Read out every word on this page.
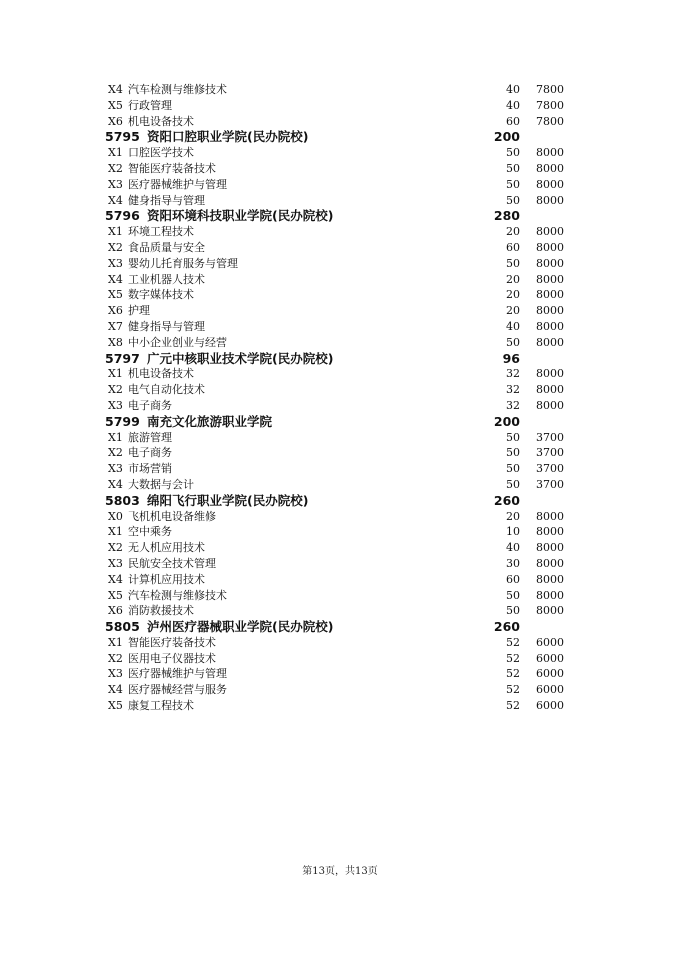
X4 汽车检测与维修技术	40 7800
X5 行政管理	40 7800
X6 机电设备技术	60 7800
5795 资阳口腔职业学院(民办院校)	200
X1 口腔医学技术	50 8000
X2 智能医疗装备技术	50 8000
X3 医疗器械维护与管理	50 8000
X4 健身指导与管理	50 8000
5796 资阳环境科技职业学院(民办院校)	280
X1 环境工程技术	20 8000
X2 食品质量与安全	60 8000
X3 婴幼儿托育服务与管理	50 8000
X4 工业机器人技术	20 8000
X5 数字媒体技术	20 8000
X6 护理	20 8000
X7 健身指导与管理	40 8000
X8 中小企业创业与经营	50 8000
5797 广元中核职业技术学院(民办院校)	96
X1 机电设备技术	32 8000
X2 电气自动化技术	32 8000
X3 电子商务	32 8000
5799 南充文化旅游职业学院	200
X1 旅游管理	50 3700
X2 电子商务	50 3700
X3 市场营销	50 3700
X4 大数据与会计	50 3700
5803 绵阳飞行职业学院(民办院校)	260
X0 飞机机电设备维修	20 8000
X1 空中乘务	10 8000
X2 无人机应用技术	40 8000
X3 民航安全技术管理	30 8000
X4 计算机应用技术	60 8000
X5 汽车检测与维修技术	50 8000
X6 消防救援技术	50 8000
5805 泸州医疗器械职业学院(民办院校)	260
X1 智能医疗装备技术	52 6000
X2 医用电子仪器技术	52 6000
X3 医疗器械维护与管理	52 6000
X4 医疗器械经营与服务	52 6000
X5 康复工程技术	52 6000
第13页，共13页
